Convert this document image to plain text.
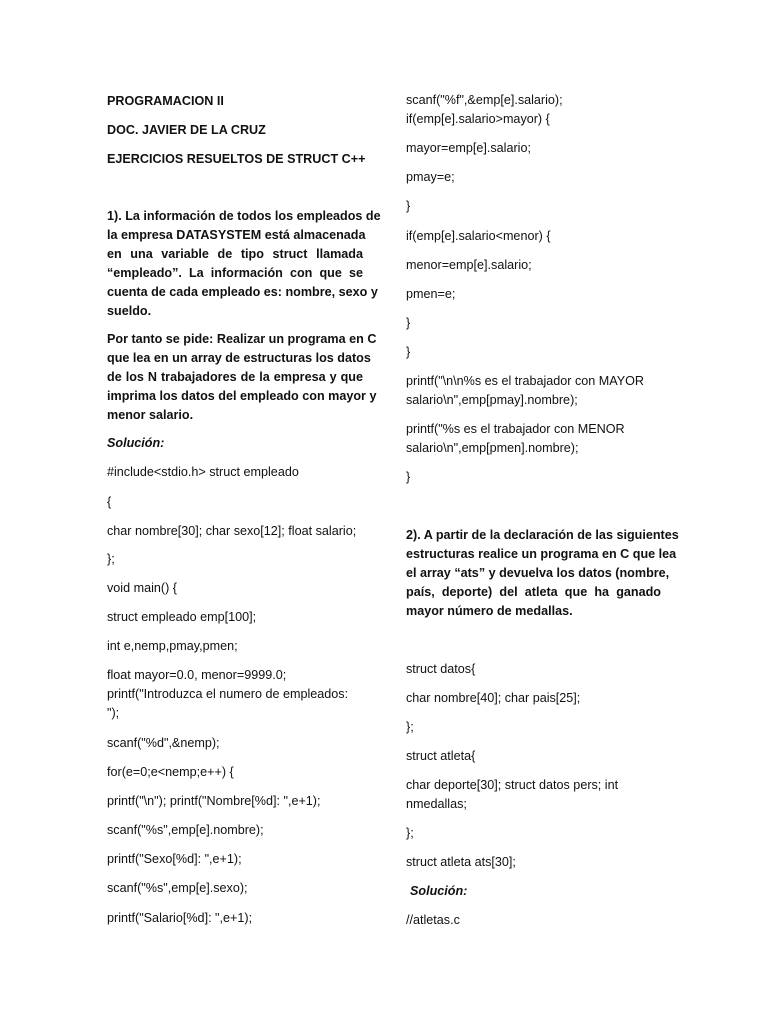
PROGRAMACION II

DOC. JAVIER DE LA CRUZ

EJERCICIOS RESUELTOS DE STRUCT C++

1). La información de todos los empleados de
la empresa DATASYSTEM está almacenada
en una variable de tipo struct llamada
“empleado”. La información con que se
cuenta de cada empleado es: nombre, sexo y
sueldo.
Por tanto se pide: Realizar un programa en C
que lea en un array de estructuras los datos
de los N trabajadores de la empresa y que
imprima los datos del empleado con mayor y
menor salario.

Solución:

#include<stdio.h> struct empleado

{

char nombre[30]; char sexo[12]; float salario;

};

void main() {

struct empleado emp[100];

int e,nemp,pmay,pmen;

float mayor=0.0, menor=9999.0;

printf("Introduzca el numero de empleados:

");

scanf("%d",&nemp);

for(e=0;e<nemp;e++) {

printf("\n"); printf("Nombre[%d]: ",e+1);

scanf("%s",emp[e].nombre);

printf("Sexo[%d]: ",e+1);

scanf("%s",emp[e].sexo);

printf("Salario[%d]: ",e+1);

scanf("%f",&emp[e].salario);

if(emp[e].salario>mayor) {

mayor=emp[e].salario;

pmay=e;

}

if(emp[e].salario<menor) {

menor=emp[e].salario;

pmen=e;

}

}

printf("\n\n%s es el trabajador con MAYOR

salario\n",emp[pmay].nombre);

printf("%s es el trabajador con MENOR

salario\n",emp[pmen].nombre);

}

2). A partir de la declaración de las siguientes
estructuras realice un programa en C que lea
el array “ats” y devuelva los datos (nombre,
país, deporte) del atleta que ha ganado
mayor número de medallas.

struct datos{

char nombre[40]; char pais[25];

};

struct atleta{

char deporte[30]; struct datos pers; int

nmedallas;

};

struct atleta ats[30];

Solución:

//atletas.c
